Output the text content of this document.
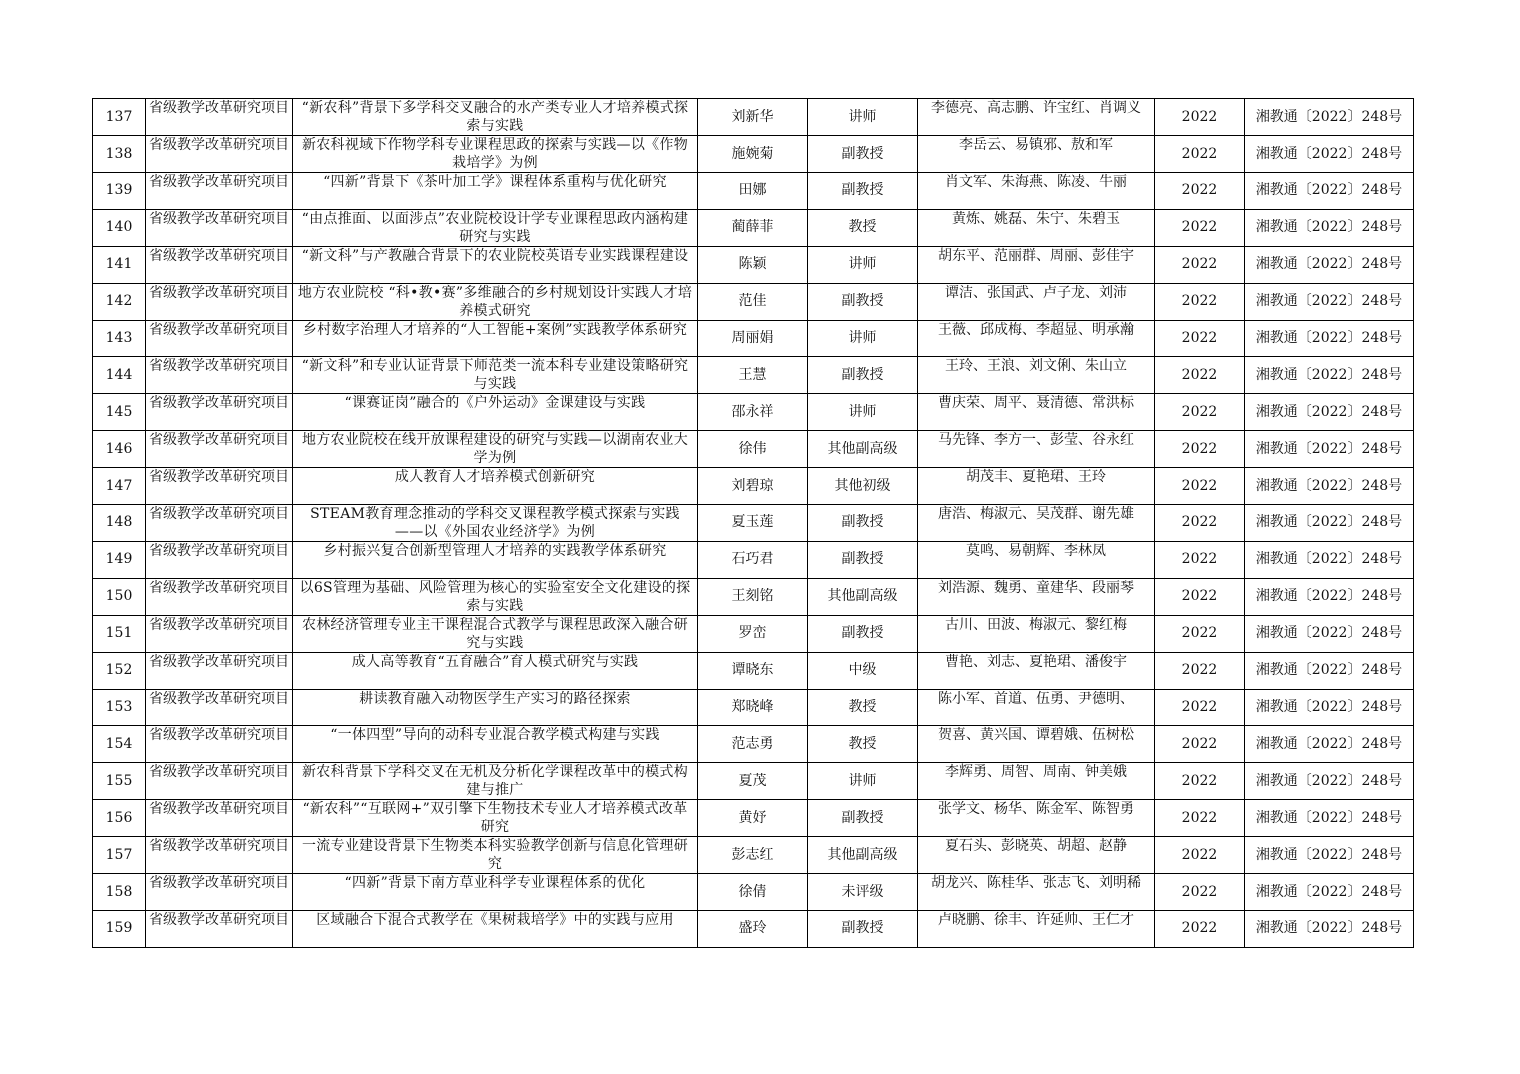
137	省级教学改革研究项目	“新农科”背景下多学科交叉融合的水产类专业人才培养模式探索与实践	刘新华	讲师	李德亮、高志鹏、许宝红、肖调义	2022	湘教通〔2022〕248号

138	省级教学改革研究项目	新农科视域下作物学科专业课程思政的探索与实践—以《作物栽培学》为例	施婉菊	副教授	李岳云、易镇邪、敖和军	2022	湘教通〔2022〕248号

139	省级教学改革研究项目	“四新”背景下《茶叶加工学》课程体系重构与优化研究	田娜	副教授	肖文军、朱海燕、陈凌、牛丽	2022	湘教通〔2022〕248号

140	省级教学改革研究项目	“由点推面、以面涉点”农业院校设计学专业课程思政内涵构建研究与实践	蔺薛菲	教授	黄炼、姚磊、朱宁、朱碧玉	2022	湘教通〔2022〕248号

141	省级教学改革研究项目	“新文科”与产教融合背景下的农业院校英语专业实践课程建设	陈颖	讲师	胡东平、范丽群、周丽、彭佳宇	2022	湘教通〔2022〕248号

142	省级教学改革研究项目	地方农业院校 “科•教•赛”多维融合的乡村规划设计实践人才培养模式研究	范佳	副教授	谭洁、张国武、卢子龙、刘沛	2022	湘教通〔2022〕248号

143	省级教学改革研究项目	乡村数字治理人才培养的“人工智能+案例”实践教学体系研究	周丽娟	讲师	王薇、邱成梅、李超显、明承瀚	2022	湘教通〔2022〕248号

144	省级教学改革研究项目	“新文科”和专业认证背景下师范类一流本科专业建设策略研究与实践	王慧	副教授	王玲、王浪、刘文俐、朱山立	2022	湘教通〔2022〕248号

145	省级教学改革研究项目	“课赛证岗”融合的《户外运动》金课建设与实践	邵永祥	讲师	曹庆荣、周平、聂清德、常洪标	2022	湘教通〔2022〕248号

146	省级教学改革研究项目	地方农业院校在线开放课程建设的研究与实践—以湖南农业大学为例	徐伟	其他副高级	马先锋、李方一、彭莹、谷永红	2022	湘教通〔2022〕248号

147	省级教学改革研究项目	成人教育人才培养模式创新研究	刘碧琼	其他初级	胡茂丰、夏艳珺、王玲	2022	湘教通〔2022〕248号

148	省级教学改革研究项目	STEAM教育理念推动的学科交叉课程教学模式探索与实践——以《外国农业经济学》为例	夏玉莲	副教授	唐浩、梅淑元、吴茂群、谢先雄	2022	湘教通〔2022〕248号

149	省级教学改革研究项目	乡村振兴复合创新型管理人才培养的实践教学体系研究	石巧君	副教授	莫鸣、易朝辉、李林凤	2022	湘教通〔2022〕248号

150	省级教学改革研究项目	以6S管理为基础、风险管理为核心的实验室安全文化建设的探索与实践	王刻铭	其他副高级	刘浩源、魏勇、童建华、段丽琴	2022	湘教通〔2022〕248号

151	省级教学改革研究项目	农林经济管理专业主干课程混合式教学与课程思政深入融合研究与实践	罗峦	副教授	古川、田波、梅淑元、黎红梅	2022	湘教通〔2022〕248号

152	省级教学改革研究项目	成人高等教育“五育融合”育人模式研究与实践	谭晓东	中级	曹艳、刘志、夏艳珺、潘俊宇	2022	湘教通〔2022〕248号

153	省级教学改革研究项目	耕读教育融入动物医学生产实习的路径探索	郑晓峰	教授	陈小军、首道、伍勇、尹德明、	2022	湘教通〔2022〕248号

154	省级教学改革研究项目	“一体四型”导向的动科专业混合教学模式构建与实践	范志勇	教授	贺喜、黄兴国、谭碧娥、伍树松	2022	湘教通〔2022〕248号

155	省级教学改革研究项目	新农科背景下学科交叉在无机及分析化学课程改革中的模式构建与推广	夏茂	讲师	李辉勇、周智、周南、钟美娥	2022	湘教通〔2022〕248号

156	省级教学改革研究项目	“新农科”“互联网+”双引擎下生物技术专业人才培养模式改革研究	黄妤	副教授	张学文、杨华、陈金军、陈智勇	2022	湘教通〔2022〕248号

157	省级教学改革研究项目	一流专业建设背景下生物类本科实验教学创新与信息化管理研究	彭志红	其他副高级	夏石头、彭晓英、胡超、赵静	2022	湘教通〔2022〕248号

158	省级教学改革研究项目	“四新”背景下南方草业科学专业课程体系的优化	徐倩	未评级	胡龙兴、陈桂华、张志飞、刘明稀	2022	湘教通〔2022〕248号

159	省级教学改革研究项目	区域融合下混合式教学在《果树栽培学》中的实践与应用	盛玲	副教授	卢晓鹏、徐丰、许延帅、王仁才	2022	湘教通〔2022〕248号
